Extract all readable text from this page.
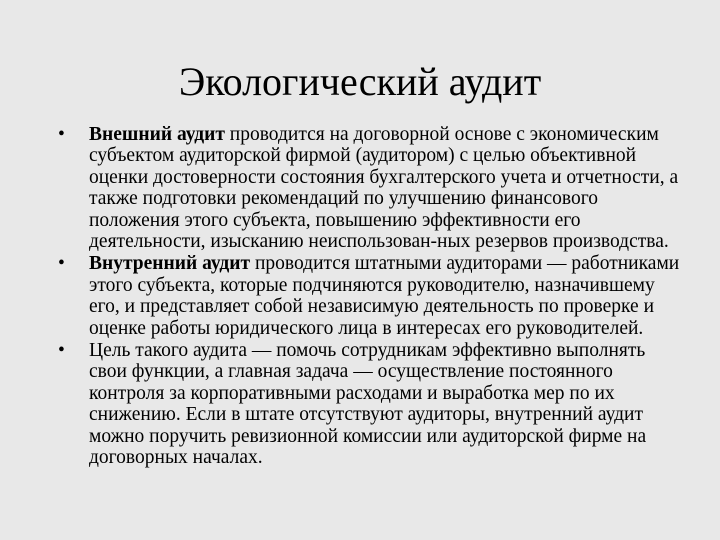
Экологический аудит
• Внешний аудит проводится на договорной основе с экономическим субъектом аудиторской фирмой (аудитором) с целью объективной оценки достоверности состояния бухгалтерского учета и отчетности, а также подготовки рекомендаций по улучшению финансового положения этого субъекта, повышению эффективности его деятельности, изысканию неиспользован-ных резервов производства.
• Внутренний аудит проводится штатными аудиторами — работниками этого субъекта, которые подчиняются руководителю, назначившему его, и представляет собой независимую деятельность по проверке и оценке работы юридического лица в интересах его руководителей.
• Цель такого аудита — помочь сотрудникам эффективно выполнять свои функции, а главная задача — осуществление постоянного контроля за корпоративными расходами и выработка мер по их снижению. Если в штате отсутствуют аудиторы, внутренний аудит можно поручить ревизионной комиссии или аудиторской фирме на договорных началах.
